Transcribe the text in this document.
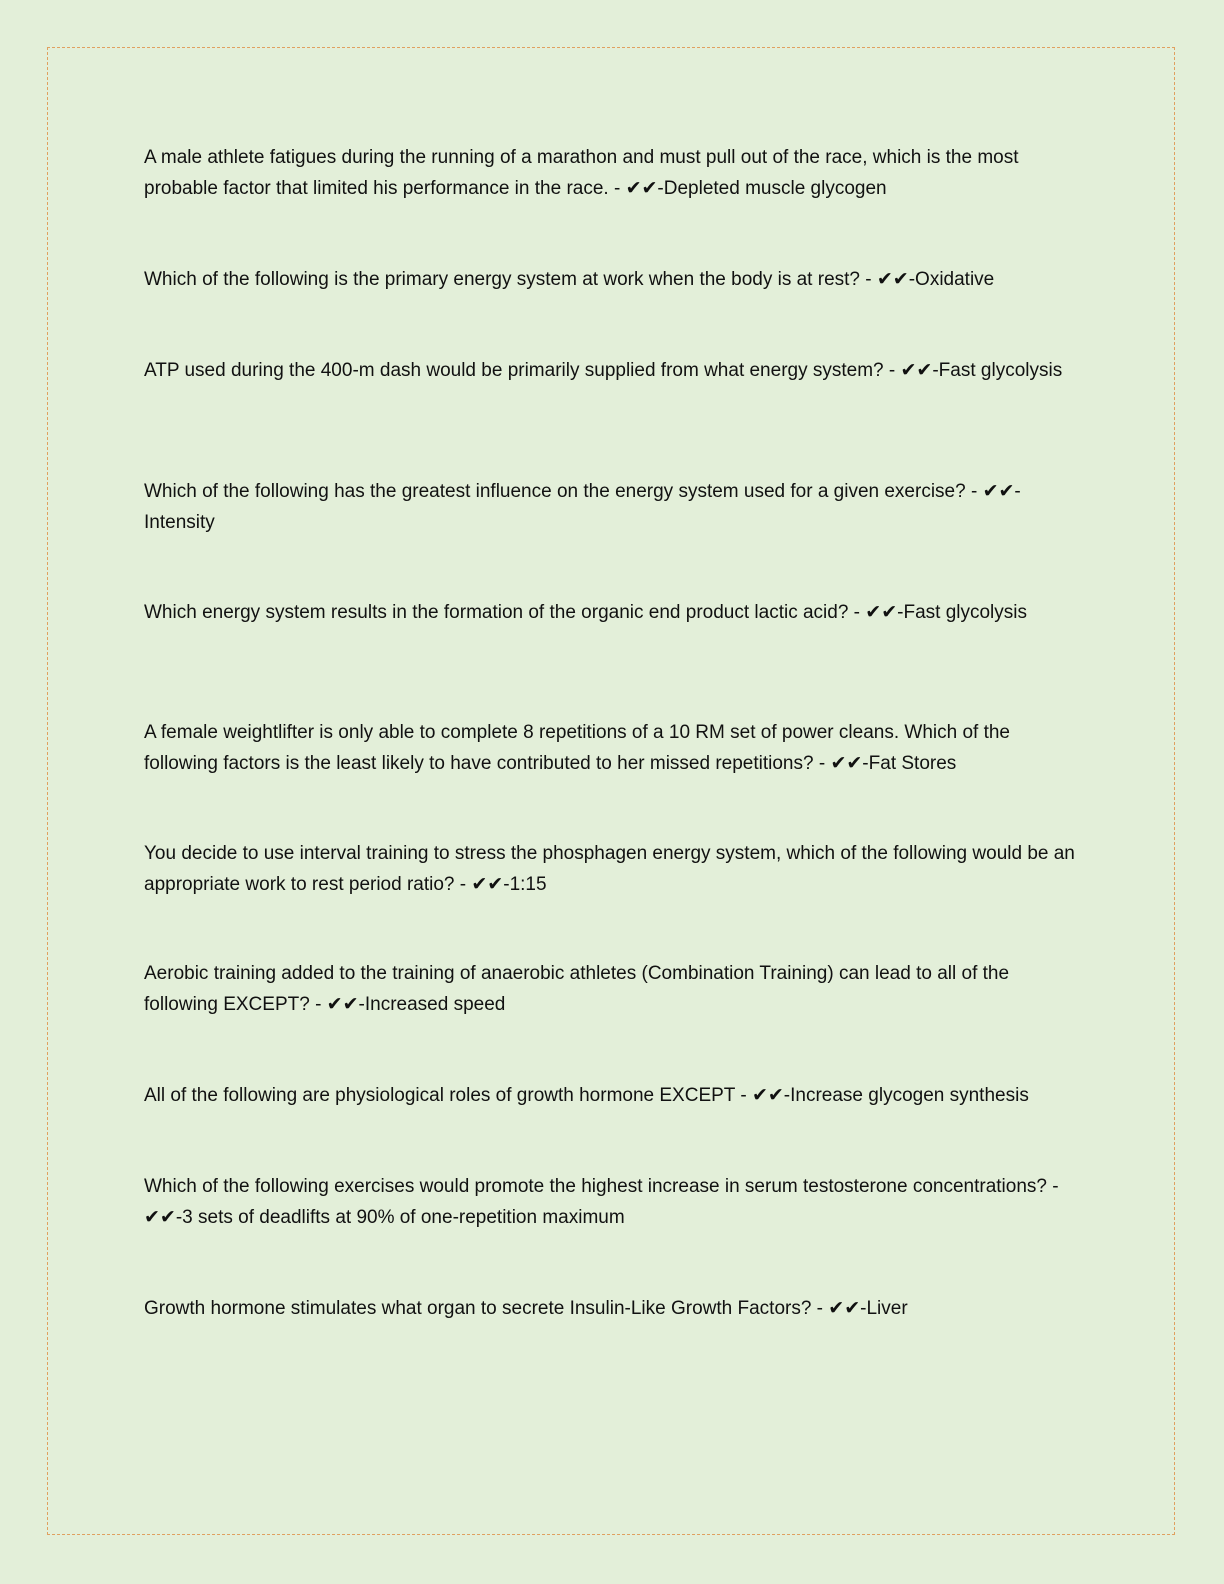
A male athlete fatigues during the running of a marathon and must pull out of the race, which is the most probable factor that limited his performance in the race. - ✔✔-Depleted muscle glycogen
Which of the following is the primary energy system at work when the body is at rest? - ✔✔-Oxidative
ATP used during the 400-m dash would be primarily supplied from what energy system? - ✔✔-Fast glycolysis
Which of the following has the greatest influence on the energy system used for a given exercise? - ✔✔-Intensity
Which energy system results in the formation of the organic end product lactic acid? - ✔✔-Fast glycolysis
A female weightlifter is only able to complete 8 repetitions of a 10 RM set of power cleans. Which of the following factors is the least likely to have contributed to her missed repetitions? - ✔✔-Fat Stores
You decide to use interval training to stress the phosphagen energy system, which of the following would be an appropriate work to rest period ratio? - ✔✔-1:15
Aerobic training added to the training of anaerobic athletes (Combination Training) can lead to all of the following EXCEPT? - ✔✔-Increased speed
All of the following are physiological roles of growth hormone EXCEPT - ✔✔-Increase glycogen synthesis
Which of the following exercises would promote the highest increase in serum testosterone concentrations? - ✔✔-3 sets of deadlifts at 90% of one-repetition maximum
Growth hormone stimulates what organ to secrete Insulin-Like Growth Factors? - ✔✔-Liver
